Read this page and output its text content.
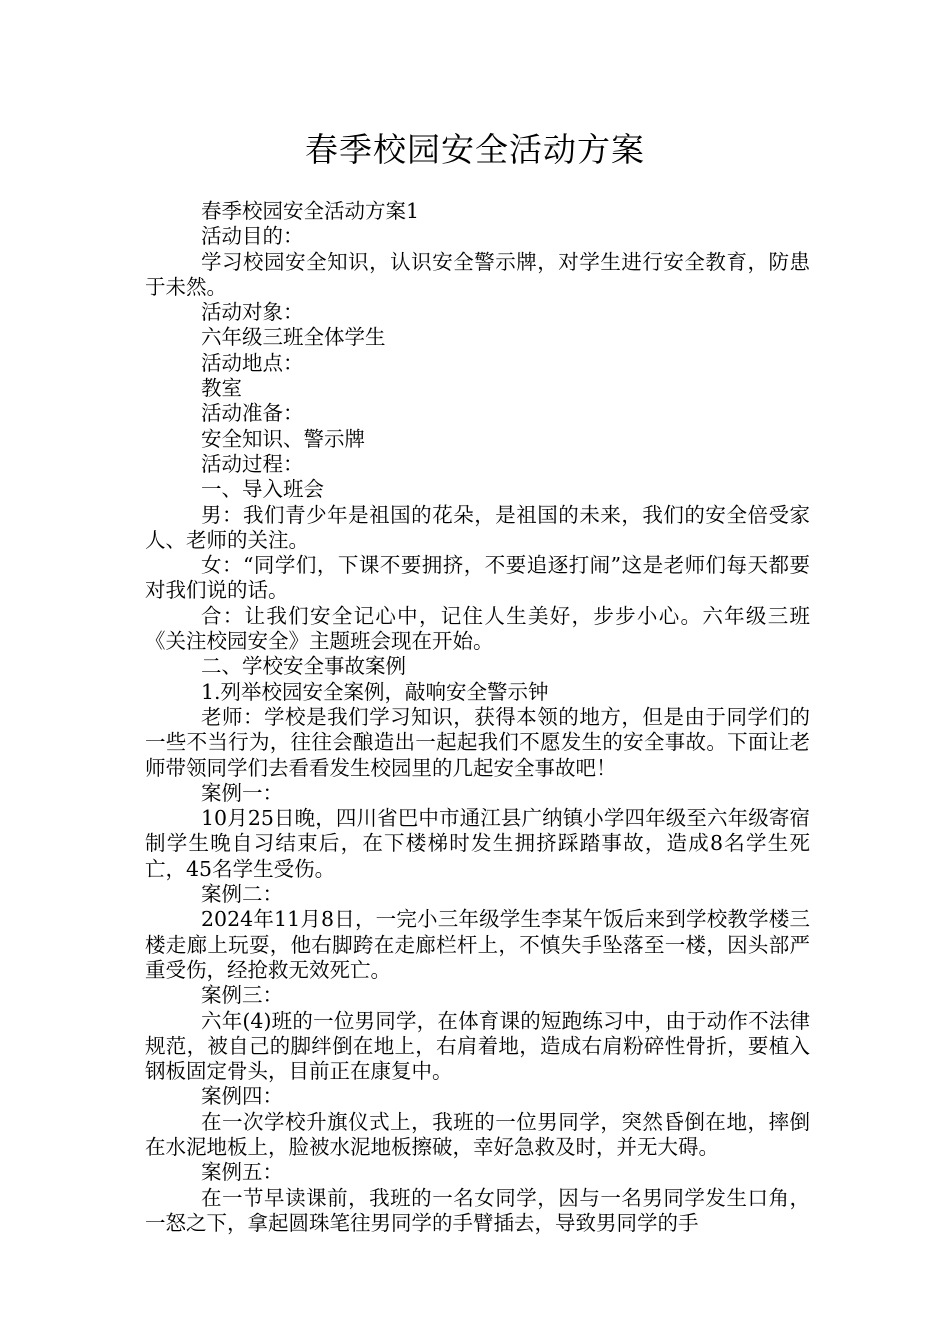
春季校园安全活动方案

春季校园安全活动方案1

活动目的：

学习校园安全知识，认识安全警示牌，对学生进行安全教育，防患于未然。

活动对象：

六年级三班全体学生

活动地点：

教室

活动准备：

安全知识、警示牌

活动过程：

一、导入班会

男：我们青少年是祖国的花朵，是祖国的未来，我们的安全倍受家人、老师的关注。

女：“同学们，下课不要拥挤，不要追逐打闹”这是老师们每天都要对我们说的话。

合：让我们安全记心中，记住人生美好，步步小心。六年级三班《关注校园安全》主题班会现在开始。

二、学校安全事故案例

1.列举校园安全案例，敲响安全警示钟

老师：学校是我们学习知识，获得本领的地方，但是由于同学们的一些不当行为，往往会酿造出一起起我们不愿发生的安全事故。下面让老师带领同学们去看看发生校园里的几起安全事故吧！

案例一：

10月25日晚，四川省巴中市通江县广纳镇小学四年级至六年级寄宿制学生晚自习结束后，在下楼梯时发生拥挤踩踏事故，造成8名学生死亡，45名学生受伤。

案例二：

2024年11月8日，一完小三年级学生李某午饭后来到学校教学楼三楼走廊上玩耍，他右脚跨在走廊栏杆上，不慎失手坠落至一楼，因头部严重受伤，经抢救无效死亡。

案例三：

六年(4)班的一位男同学，在体育课的短跑练习中，由于动作不法律规范，被自己的脚绊倒在地上，右肩着地，造成右肩粉碎性骨折，要植入钢板固定骨头，目前正在康复中。

案例四：

在一次学校升旗仪式上，我班的一位男同学，突然昏倒在地，摔倒在水泥地板上，脸被水泥地板擦破，幸好急救及时，并无大碍。

案例五：

在一节早读课前，我班的一名女同学，因与一名男同学发生口角，一怒之下，拿起圆珠笔往男同学的手臂插去，导致男同学的手
